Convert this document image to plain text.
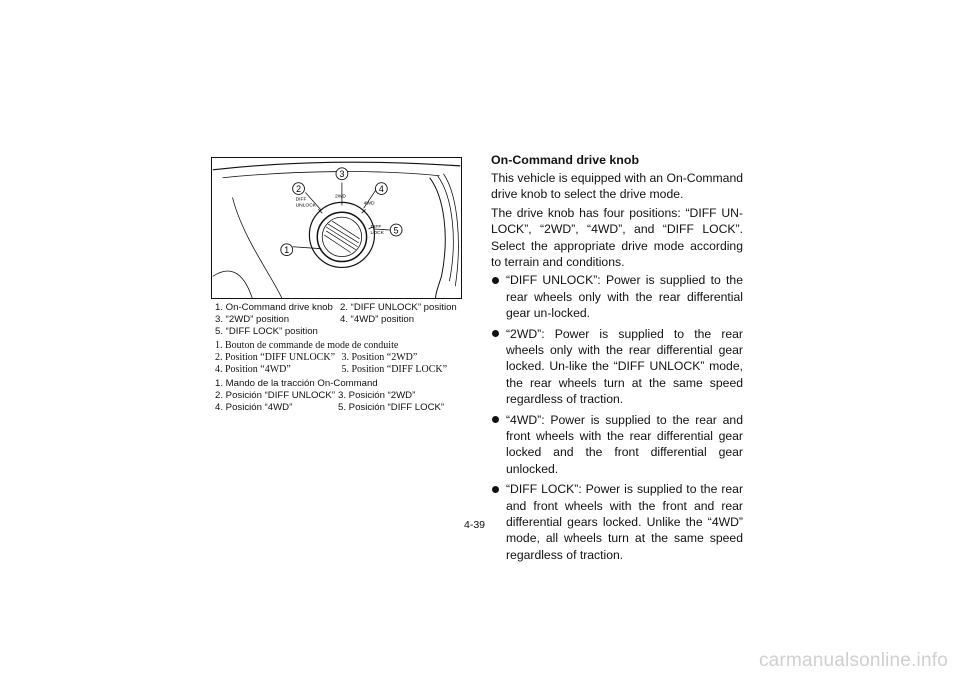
DIFF
UNLOCK
2WD
4WD
DIFF
LOCK
1
2
3
4
5
1. On-Command drive knob 2. “DIFF UNLOCK” position
3. “2WD” position	4. “4WD” position
5. “DIFF LOCK” position
1. Bouton de commande de mode de conduite
2. Position “DIFF UNLOCK” 3. Position “2WD”
4. Position “4WD”	5. Position “DIFF LOCK”
1. Mando de la tracción On-Command
2. Posición “DIFF UNLOCK” 3. Posición “2WD”
4. Posición “4WD”	5. Posición “DIFF LOCK”
On-Command drive knob

This vehicle is equipped with an On-Command drive knob to select the drive mode.

The drive knob has four positions: “DIFF UN-LOCK”, “2WD”, “4WD”, and “DIFF LOCK”. Select the appropriate drive mode according to terrain and conditions.

“DIFF UNLOCK”: Power is supplied to the rear wheels only with the rear differential gear un-locked.
“2WD”: Power is supplied to the rear wheels only with the rear differential gear locked. Un-like the “DIFF UNLOCK” mode, the rear wheels turn at the same speed regardless of traction.
“4WD”: Power is supplied to the rear and front wheels with the rear differential gear locked and the front differential gear unlocked.
“DIFF LOCK”: Power is supplied to the rear and front wheels with the front and rear differential gears locked. Unlike the “4WD” mode, all wheels turn at the same speed regardless of traction.
4-39
carmanualsonline.info
